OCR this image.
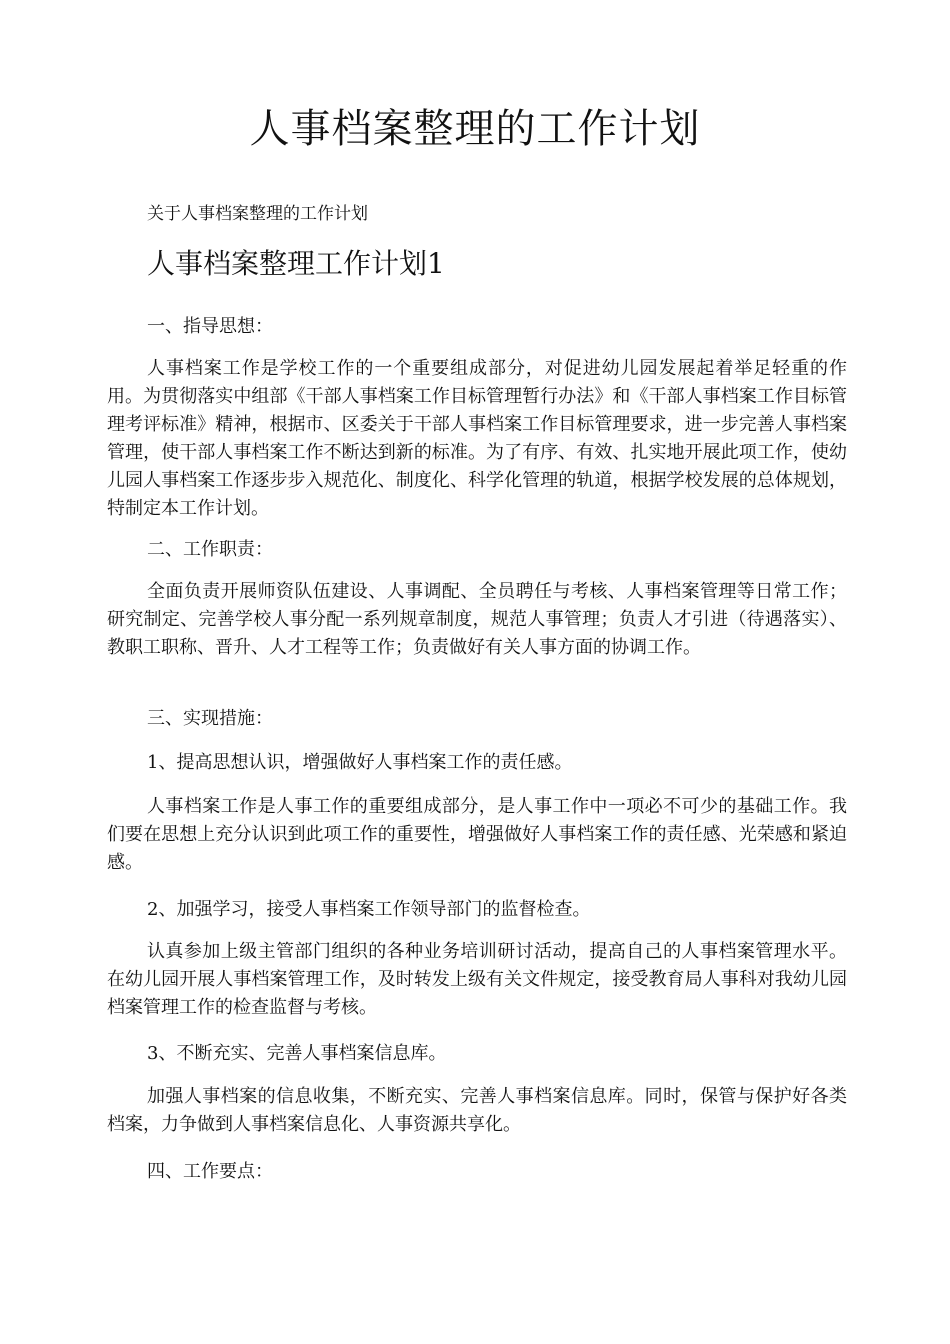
人事档案整理的工作计划

关于人事档案整理的工作计划

人事档案整理工作计划1

一、指导思想：

人事档案工作是学校工作的一个重要组成部分，对促进幼儿园发展起着举足轻重的作用。为贯彻落实中组部《干部人事档案工作目标管理暂行办法》和《干部人事档案工作目标管理考评标准》精神，根据市、区委关于干部人事档案工作目标管理要求，进一步完善人事档案管理，使干部人事档案工作不断达到新的标准。为了有序、有效、扎实地开展此项工作，使幼儿园人事档案工作逐步步入规范化、制度化、科学化管理的轨道，根据学校发展的总体规划，特制定本工作计划。

二、工作职责：

全面负责开展师资队伍建设、人事调配、全员聘任与考核、人事档案管理等日常工作；研究制定、完善学校人事分配一系列规章制度，规范人事管理；负责人才引进（待遇落实）、教职工职称、晋升、人才工程等工作；负责做好有关人事方面的协调工作。

三、实现措施：

1、提高思想认识，增强做好人事档案工作的责任感。

人事档案工作是人事工作的重要组成部分，是人事工作中一项必不可少的基础工作。我们要在思想上充分认识到此项工作的重要性，增强做好人事档案工作的责任感、光荣感和紧迫感。

2、加强学习，接受人事档案工作领导部门的监督检查。

认真参加上级主管部门组织的各种业务培训研讨活动，提高自己的人事档案管理水平。在幼儿园开展人事档案管理工作，及时转发上级有关文件规定，接受教育局人事科对我幼儿园档案管理工作的检查监督与考核。

3、不断充实、完善人事档案信息库。

加强人事档案的信息收集，不断充实、完善人事档案信息库。同时，保管与保护好各类档案，力争做到人事档案信息化、人事资源共享化。

四、工作要点：
